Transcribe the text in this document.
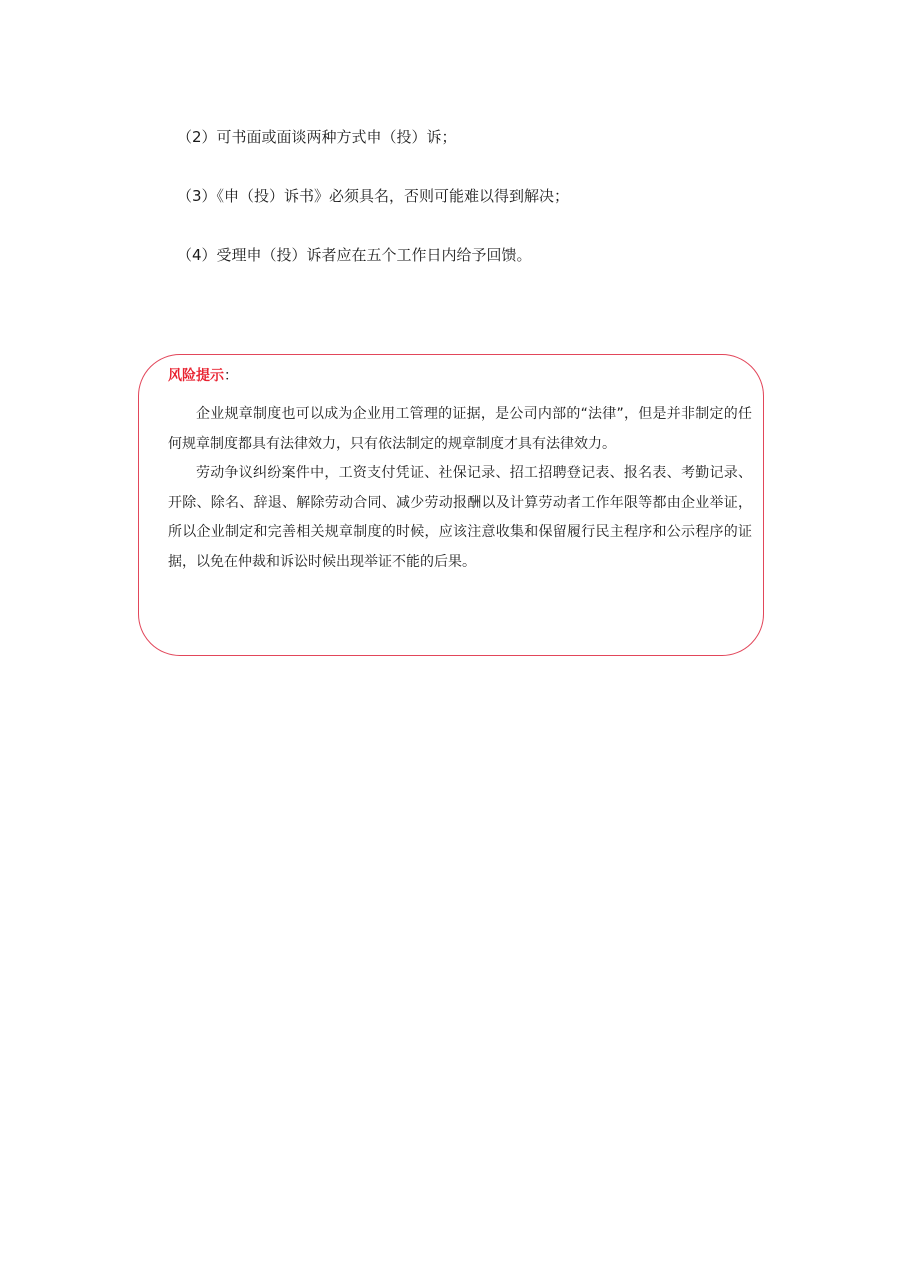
（2）可书面或面谈两种方式申（投）诉；
（3）《申（投）诉书》必须具名，否则可能难以得到解决；
（4）受理申（投）诉者应在五个工作日内给予回馈。
风险提示：

企业规章制度也可以成为企业用工管理的证据，是公司内部的“法律”，但是并非制定的任何规章制度都具有法律效力，只有依法制定的规章制度才具有法律效力。

劳动争议纠纷案件中，工资支付凭证、社保记录、招工招聘登记表、报名表、考勤记录、开除、除名、辞退、解除劳动合同、减少劳动报酬以及计算劳动者工作年限等都由企业举证，所以企业制定和完善相关规章制度的时候，应该注意收集和保留履行民主程序和公示程序的证据，以免在仲裁和诉讼时候出现举证不能的后果。
